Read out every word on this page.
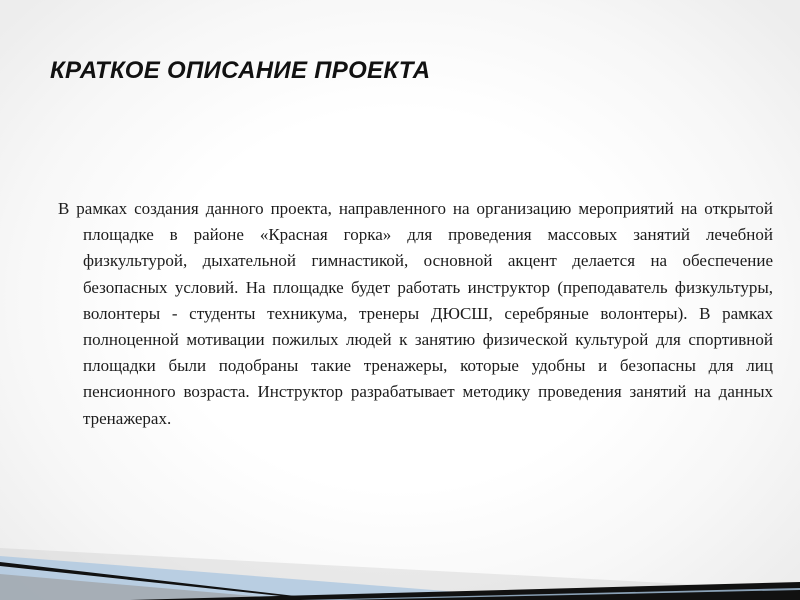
КРАТКОЕ ОПИСАНИЕ ПРОЕКТА

В рамках создания данного проекта, направленного на организацию мероприятий на открытой площадке в районе «Красная горка» для проведения массовых занятий лечебной физкультурой, дыхательной гимнастикой, основной акцент делается на обеспечение безопасных условий. На площадке будет работать инструктор (преподаватель физкультуры, волонтеры - студенты техникума, тренеры ДЮСШ, серебряные волонтеры). В рамках полноценной мотивации пожилых людей к занятию физической культурой для спортивной площадки были подобраны такие тренажеры, которые удобны и безопасны для лиц пенсионного возраста. Инструктор разрабатывает методику проведения занятий на данных тренажерах.
